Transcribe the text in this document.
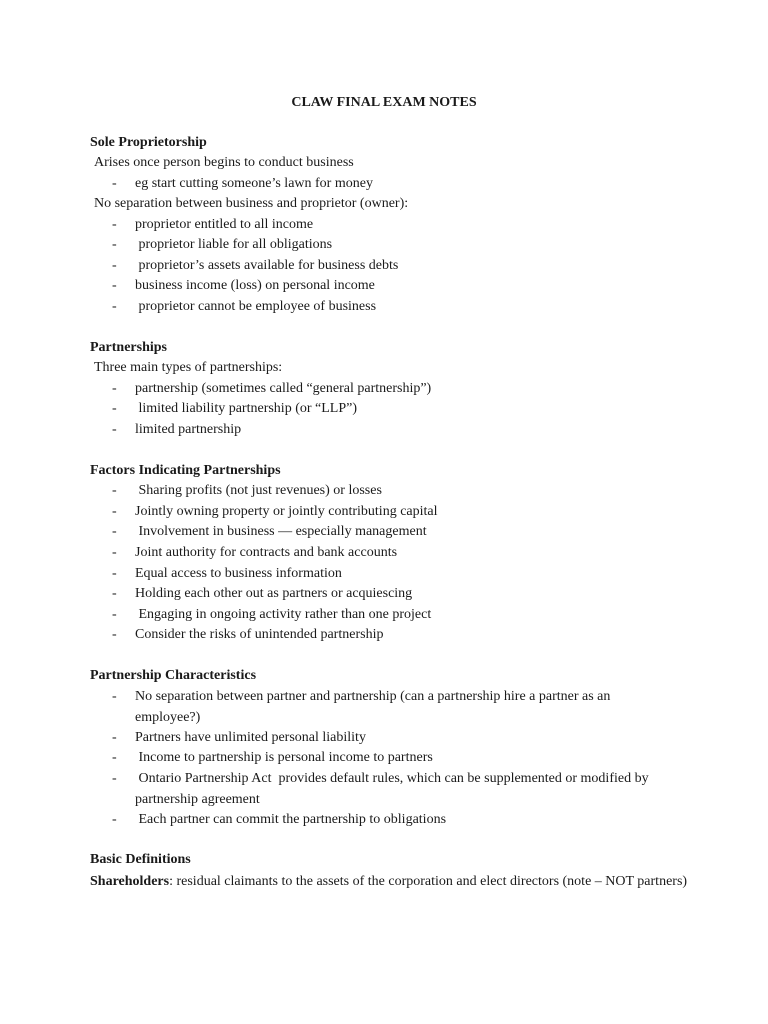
CLAW FINAL EXAM NOTES
Sole Proprietorship
Arises once person begins to conduct business
- eg start cutting someone’s lawn for money
No separation between business and proprietor (owner):
- proprietor entitled to all income
- proprietor liable for all obligations
- proprietor’s assets available for business debts
- business income (loss) on personal income
- proprietor cannot be employee of business
Partnerships
Three main types of partnerships:
- partnership (sometimes called “general partnership”)
- limited liability partnership (or “LLP”)
- limited partnership
Factors Indicating Partnerships
- Sharing profits (not just revenues) or losses
- Jointly owning property or jointly contributing capital
- Involvement in business — especially management
- Joint authority for contracts and bank accounts
- Equal access to business information
- Holding each other out as partners or acquiescing
- Engaging in ongoing activity rather than one project
- Consider the risks of unintended partnership
Partnership Characteristics
- No separation between partner and partnership (can a partnership hire a partner as an employee?)
- Partners have unlimited personal liability
- Income to partnership is personal income to partners
- Ontario Partnership Act  provides default rules, which can be supplemented or modified by partnership agreement
- Each partner can commit the partnership to obligations
Basic Definitions
Shareholders: residual claimants to the assets of the corporation and elect directors (note – NOT partners)
